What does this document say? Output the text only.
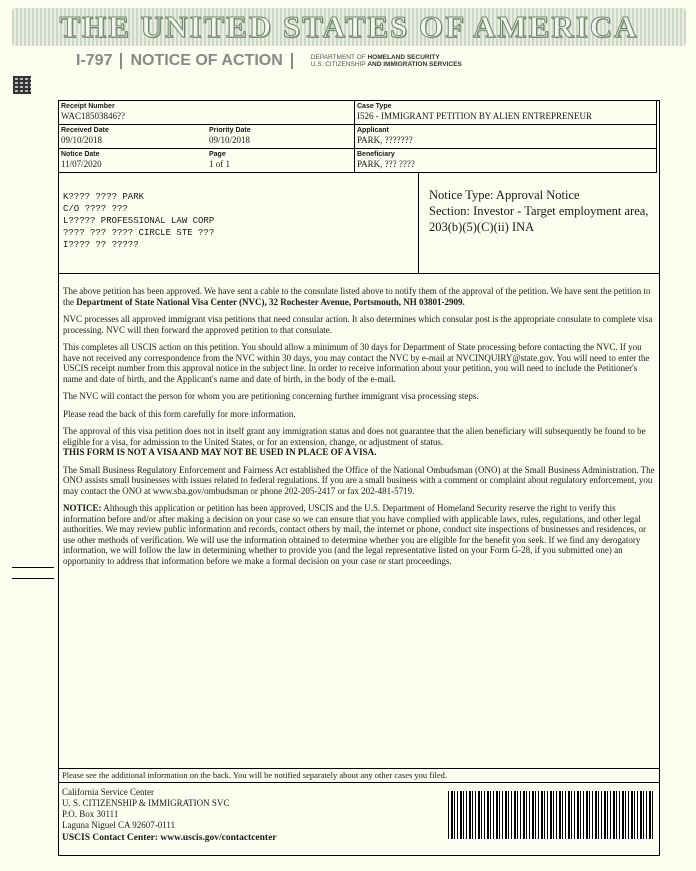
THE UNITED STATES OF AMERICA
I-797 NOTICE OF ACTION	DEPARTMENT OF HOMELAND SECURITY
U.S. CITIZENSHIP AND IMMIGRATION SERVICES
Receipt Number
WAC18503846??
Case Type
I526 - IMMIGRANT PETITION BY ALIEN ENTREPRENEUR
Received Date
09/10/2018
Priority Date
09/10/2018
Applicant
PARK, ???????
Notice Date
11/07/2020
Page
1 of 1
Beneficiary
PARK, ??? ????
K???? ???? PARK
C/O ???? ???
L????? PROFESSIONAL LAW CORP
???? ??? ???? CIRCLE STE ???
I???? ?? ?????
Notice Type: Approval Notice
Section: Investor - Target employment area,
203(b)(5)(C)(ii) INA

The above petition has been approved. We have sent a cable to the consulate listed above to notify them of the approval of the petition. We have sent the petition to the Department of State National Visa Center (NVC), 32 Rochester Avenue, Portsmouth, NH 03801-2909.

NVC processes all approved immigrant visa petitions that need consular action. It also determines which consular post is the appropriate consulate to complete visa processing. NVC will then forward the approved petition to that consulate.

This completes all USCIS action on this petition. You should allow a minimum of 30 days for Department of State processing before contacting the NVC. If you have not received any correspondence from the NVC within 30 days, you may contact the NVC by e-mail at NVCINQUIRY@state.gov. You will need to enter the USCIS receipt number from this approval notice in the subject line. In order to receive information about your petition, you will need to include the Petitioner's name and date of birth, and the Applicant's name and date of birth, in the body of the e-mail.

The NVC will contact the person for whom you are petitioning concerning further immigrant visa processing steps.

Please read the back of this form carefully for more information.

The approval of this visa petition does not in itself grant any immigration status and does not guarantee that the alien beneficiary will subsequently be found to be eligible for a visa, for admission to the United States, or for an extension, change, or adjustment of status.
THIS FORM IS NOT A VISA AND MAY NOT BE USED IN PLACE OF A VISA.

The Small Business Regulatory Enforcement and Fairness Act established the Office of the National Ombudsman (ONO) at the Small Business Administration. The ONO assists small businesses with issues related to federal regulations. If you are a small business with a comment or complaint about regulatory enforcement, you may contact the ONO at www.sba.gov/ombudsman or phone 202-205-2417 or fax 202-481-5719.

NOTICE: Although this application or petition has been approved, USCIS and the U.S. Department of Homeland Security reserve the right to verify this information before and/or after making a decision on your case so we can ensure that you have complied with applicable laws, rules, regulations, and other legal authorities. We may review public information and records, contact others by mail, the internet or phone, conduct site inspections of businesses and residences, or use other methods of verification. We will use the information obtained to determine whether you are eligible for the benefit you seek. If we find any derogatory information, we will follow the law in determining whether to provide you (and the legal representative listed on your Form G-28, if you submitted one) an opportunity to address that information before we make a formal decision on your case or start proceedings.

Please see the additional information on the back. You will be notified separately about any other cases you filed.
California Service Center
U. S. CITIZENSHIP & IMMIGRATION SVC
P.O. Box 30111
Laguna Niguel CA 92607-0111
USCIS Contact Center: www.uscis.gov/contactcenter
